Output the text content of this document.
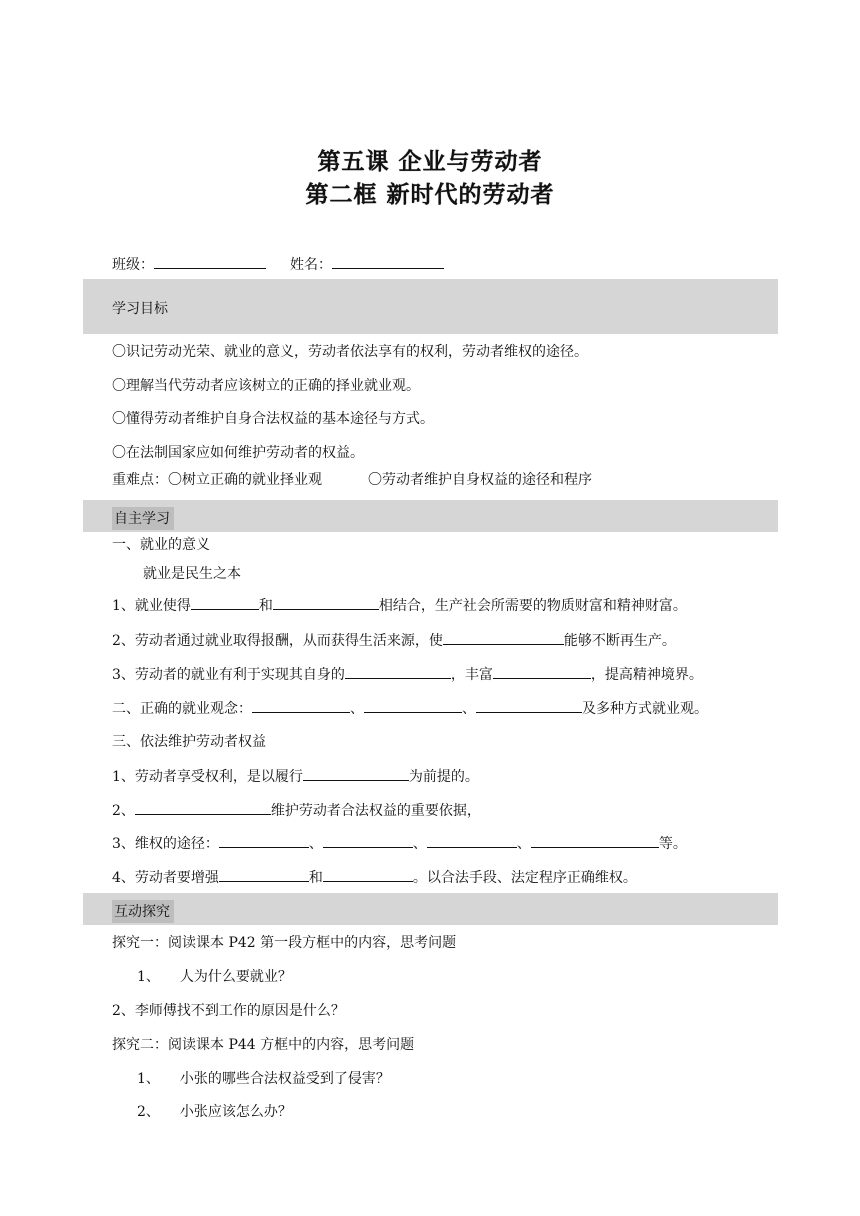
第五课 企业与劳动者
第二框 新时代的劳动者
班级：	姓名：
学习目标
〇识记劳动光荣、就业的意义，劳动者依法享有的权利，劳动者维权的途径。
〇理解当代劳动者应该树立的正确的择业就业观。
〇懂得劳动者维护自身合法权益的基本途径与方式。
〇在法制国家应如何维护劳动者的权益。
重难点：〇树立正确的就业择业观	〇劳动者维护自身权益的途径和程序
自主学习
一、就业的意义
就业是民生之本
1、就业使得	和	相结合，生产社会所需要的物质财富和精神财富。
2、劳动者通过就业取得报酬，从而获得生活来源，使	能够不断再生产。
3、劳动者的就业有利于实现其自身的	，丰富	，提高精神境界。
二、正确的就业观念：	、	、	及多种方式就业观。
三、依法维护劳动者权益
1、劳动者享受权利，是以履行	为前提的。
2、	维护劳动者合法权益的重要依据，
3、维权的途径：	、	、	、	等。
4、劳动者要增强	和	。以合法手段、法定程序正确维权。
互动探究
探究一：阅读课本 P42 第一段方框中的内容，思考问题
1、 人为什么要就业？
2、李师傅找不到工作的原因是什么？
探究二：阅读课本 P44 方框中的内容，思考问题
1、 小张的哪些合法权益受到了侵害？
2、 小张应该怎么办？
